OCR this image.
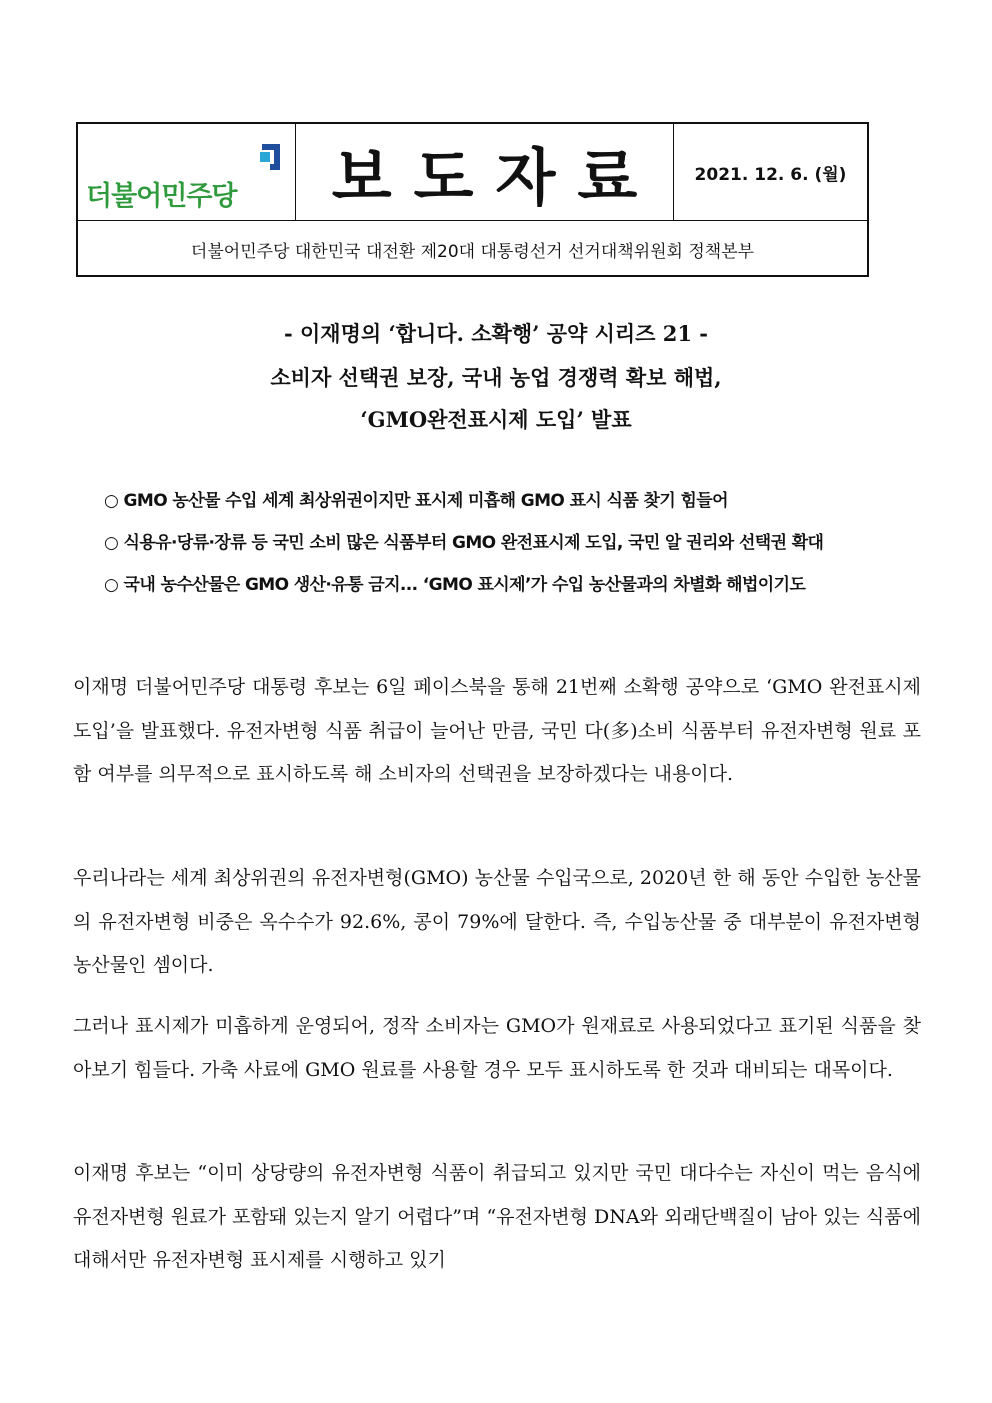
더불어민주당	보도자료 2021. 12. 6. (월)
더불어민주당 대한민국 대전환 제20대 대통령선거 선거대책위원회 정책본부
- 이재명의 ‘합니다. 소확행’ 공약 시리즈 21 -
소비자 선택권 보장, 국내 농업 경쟁력 확보 해법,
‘GMO완전표시제 도입’ 발표
○ GMO 농산물 수입 세계 최상위권이지만 표시제 미흡해 GMO 표시 식품 찾기 힘들어
○ 식용유·당류·장류 등 국민 소비 많은 식품부터 GMO 완전표시제 도입, 국민 알 권리와 선택권 확대
○ 국내 농수산물은 GMO 생산·유통 금지... ‘GMO 표시제’가 수입 농산물과의 차별화 해법이기도
이재명 더불어민주당 대통령 후보는 6일 페이스북을 통해 21번째 소확행 공약으로 ‘GMO 완전표시제 도입’을 발표했다. 유전자변형 식품 취급이 늘어난 만큼, 국민 다(多)소비 식품부터 유전자변형 원료 포함 여부를 의무적으로 표시하도록 해 소비자의 선택권을 보장하겠다는 내용이다.
우리나라는 세계 최상위권의 유전자변형(GMO) 농산물 수입국으로, 2020년 한 해 동안 수입한 농산물의 유전자변형 비중은 옥수수가 92.6%, 콩이 79%에 달한다. 즉, 수입농산물 중 대부분이 유전자변형 농산물인 셈이다.
그러나 표시제가 미흡하게 운영되어, 정작 소비자는 GMO가 원재료로 사용되었다고 표기된 식품을 찾아보기 힘들다. 가축 사료에 GMO 원료를 사용할 경우 모두 표시하도록 한 것과 대비되는 대목이다.
이재명 후보는 “이미 상당량의 유전자변형 식품이 취급되고 있지만 국민 대다수는 자신이 먹는 음식에 유전자변형 원료가 포함돼 있는지 알기 어렵다”며 “유전자변형 DNA와 외래단백질이 남아 있는 식품에 대해서만 유전자변형 표시제를 시행하고 있기
